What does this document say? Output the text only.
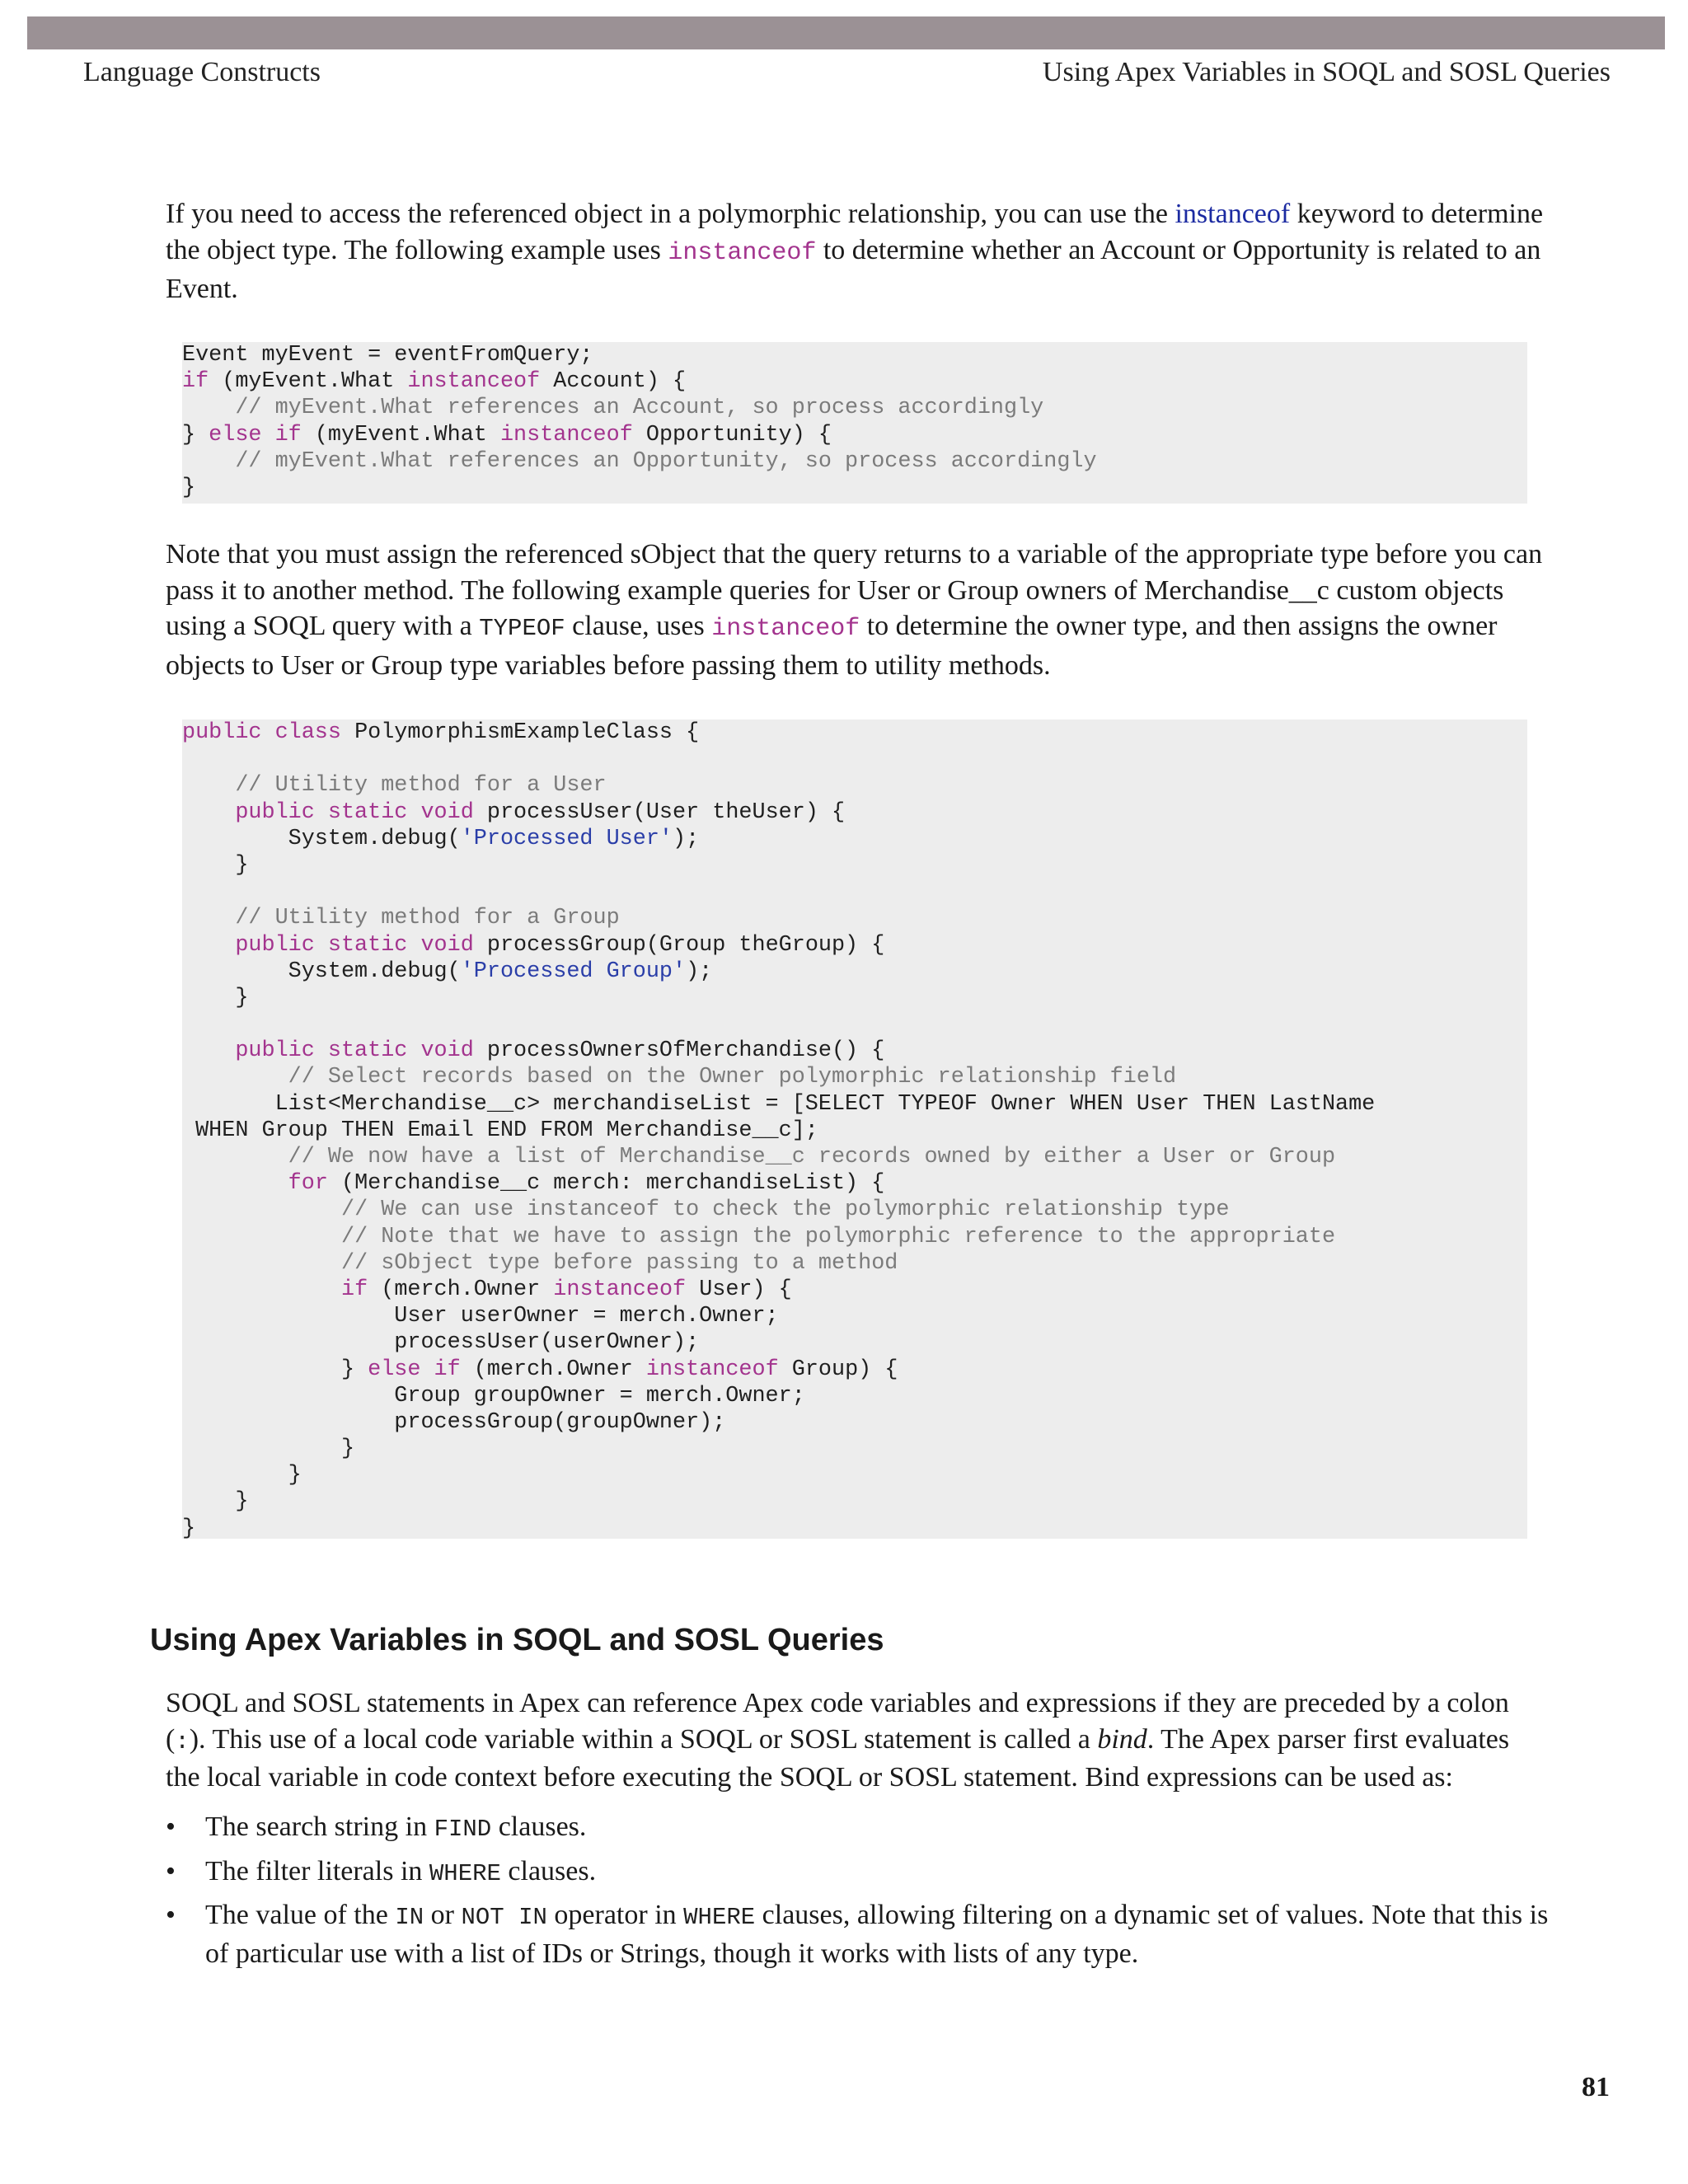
Language Constructs	Using Apex Variables in SOQL and SOSL Queries

If you need to access the referenced object in a polymorphic relationship, you can use the instanceof keyword to determine the object type. The following example uses instanceof to determine whether an Account or Opportunity is related to an Event.

Event myEvent = eventFromQuery;
if (myEvent.What instanceof Account) {
// myEvent.What references an Account, so process accordingly
} else if (myEvent.What instanceof Opportunity) {
// myEvent.What references an Opportunity, so process accordingly
}

Note that you must assign the referenced sObject that the query returns to a variable of the appropriate type before you can pass it to another method. The following example queries for User or Group owners of Merchandise__c custom objects using a SOQL query with a TYPEOF clause, uses instanceof to determine the owner type, and then assigns the owner objects to User or Group type variables before passing them to utility methods.

public class PolymorphismExampleClass {
// Utility method for a User
public static void processUser(User theUser) {
System.debug('Processed User');
}
// Utility method for a Group
public static void processGroup(Group theGroup) {
System.debug('Processed Group');
}
public static void processOwnersOfMerchandise() {
// Select records based on the Owner polymorphic relationship field
List<Merchandise__c> merchandiseList = [SELECT TYPEOF Owner WHEN User THEN LastName
WHEN Group THEN Email END FROM Merchandise__c];
// We now have a list of Merchandise__c records owned by either a User or Group
for (Merchandise__c merch: merchandiseList) {
// We can use instanceof to check the polymorphic relationship type
// Note that we have to assign the polymorphic reference to the appropriate
// sObject type before passing to a method
if (merch.Owner instanceof User) {
User userOwner = merch.Owner;
processUser(userOwner);
} else if (merch.Owner instanceof Group) {
Group groupOwner = merch.Owner;
processGroup(groupOwner);
}
}
}
}
Using Apex Variables in SOQL and SOSL Queries

SOQL and SOSL statements in Apex can reference Apex code variables and expressions if they are preceded by a colon (:). This use of a local code variable within a SOQL or SOSL statement is called a bind. The Apex parser first evaluates the local variable in code context before executing the SOQL or SOSL statement. Bind expressions can be used as:

• The search string in FIND clauses.
• The filter literals in WHERE clauses.
• The value of the IN or NOT IN operator in WHERE clauses, allowing filtering on a dynamic set of values. Note that this is of particular use with a list of IDs or Strings, though it works with lists of any type.
81
